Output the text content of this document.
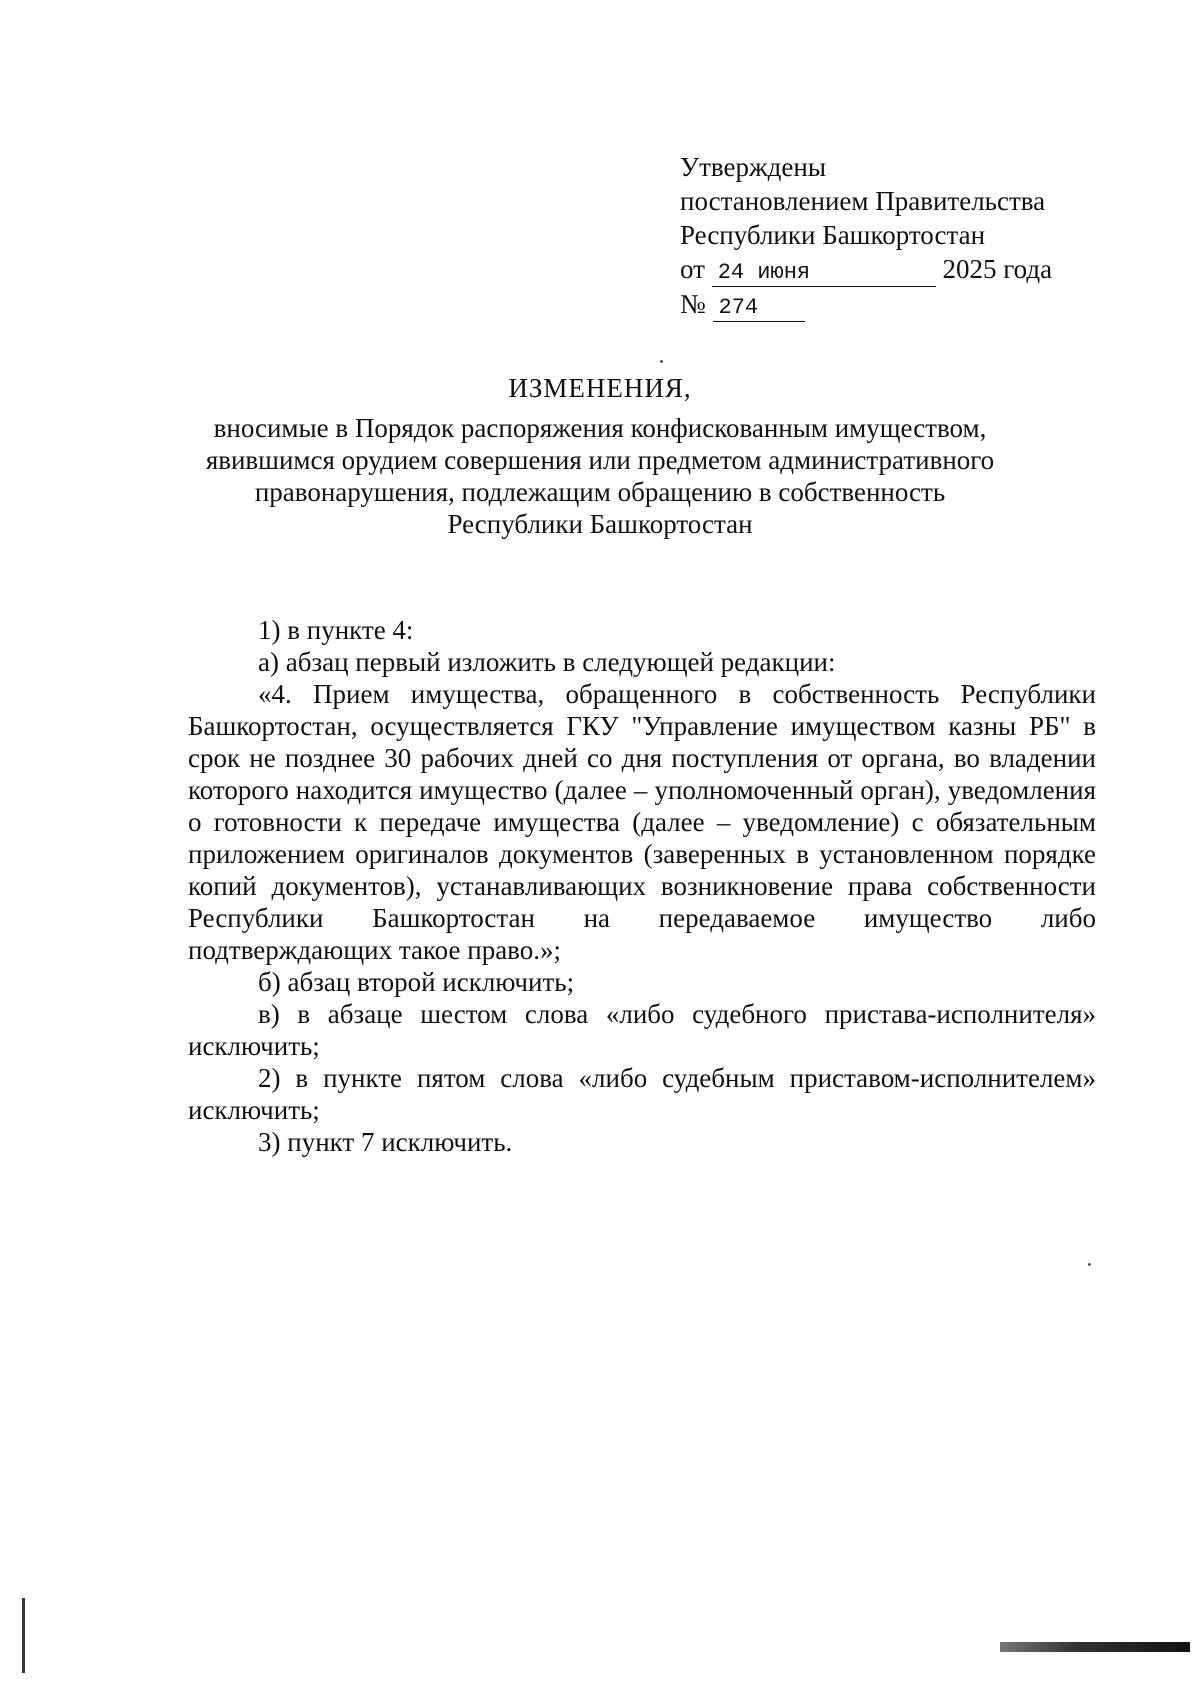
Утверждены
постановлением Правительства
Республики Башкортостан
от 24 июня	2025 года
№ 274
ИЗМЕНЕНИЯ,
вносимые в Порядок распоряжения конфискованным имуществом,
явившимся орудием совершения или предметом административного
правонарушения, подлежащим обращению в собственность
Республики Башкортостан

1) в пункте 4:

а) абзац первый изложить в следующей редакции:

«4. Прием имущества, обращенного в собственность Республики Башкортостан, осуществляется ГКУ "Управление имуществом казны РБ" в срок не позднее 30 рабочих дней со дня поступления от органа, во владении которого находится имущество (далее – уполномоченный орган), уведомления о готовности к передаче имущества (далее – уведомление) с обязательным приложением оригиналов документов (заверенных в установленном порядке копий документов), устанавливающих возникновение права собственности Республики Башкортостан на передаваемое имущество либо подтверждающих такое право.»;

б) абзац второй исключить;

в) в абзаце шестом слова «либо судебного пристава-исполнителя» исключить;

2) в пункте пятом слова «либо судебным приставом-исполнителем» исключить;

3) пункт 7 исключить.
